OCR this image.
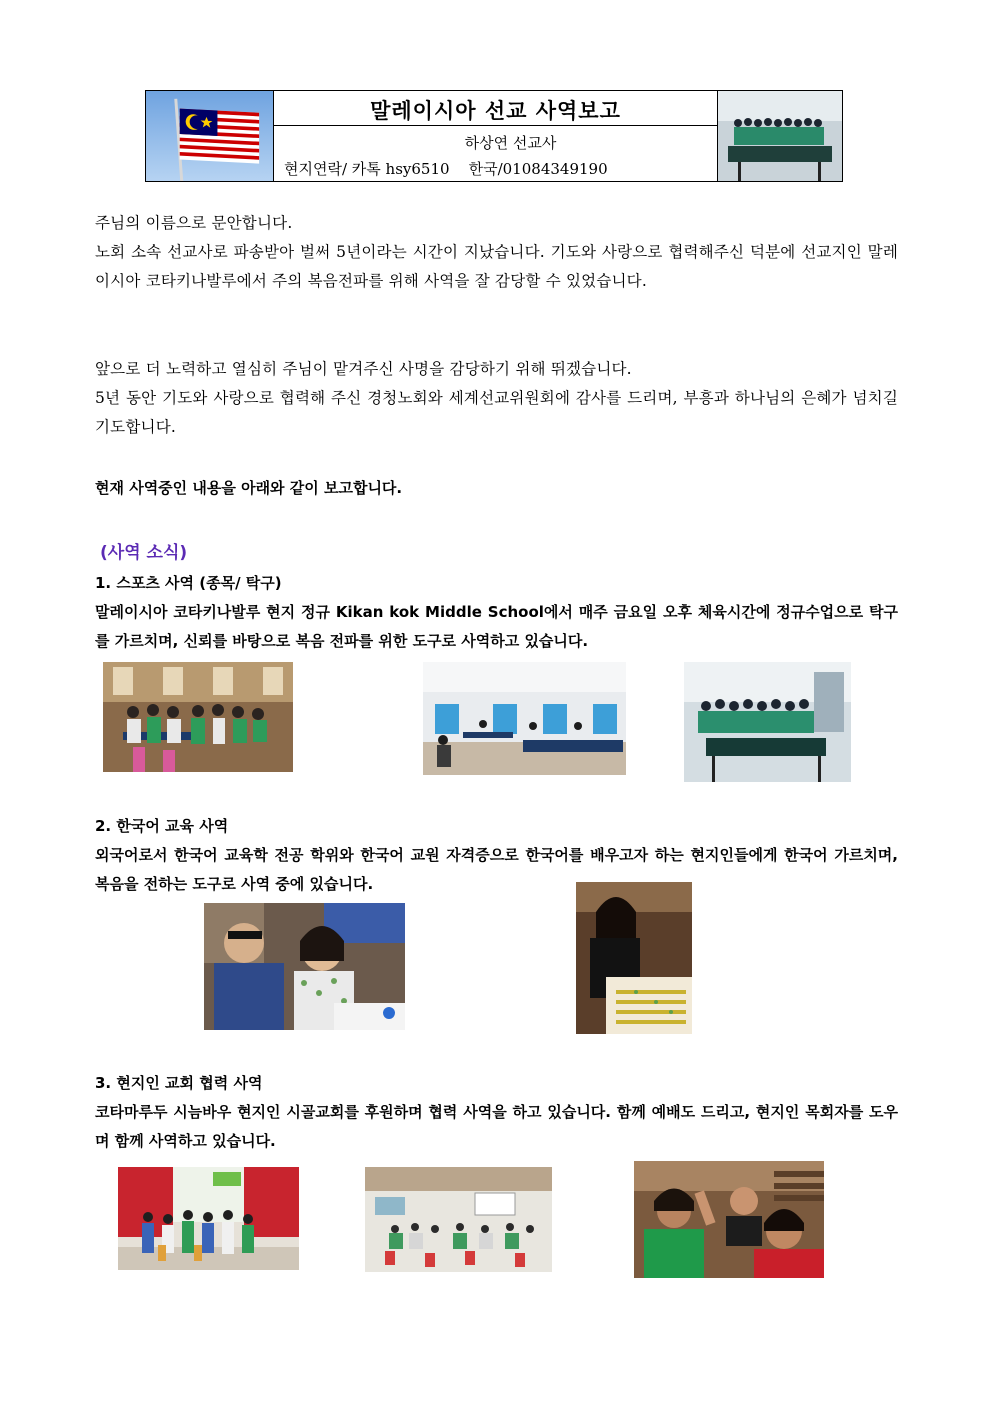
말레이시아 선교 사역보고
하상연 선교사
현지연락/ 카톡 hsy6510    한국/01084349190

주님의 이름으로 문안합니다.

노회 소속 선교사로 파송받아 벌써 5년이라는 시간이 지났습니다. 기도와 사랑으로 협력해주신 덕분에 선교지인 말레이시아 코타키나발루에서 주의 복음전파를 위해 사역을 잘 감당할 수 있었습니다.

앞으로 더 노력하고 열심히 주님이 맡겨주신 사명을 감당하기 위해 뛰겠습니다.

5년 동안 기도와 사랑으로 협력해 주신 경청노회와 세계선교위원회에 감사를 드리며, 부흥과 하나님의 은혜가 넘치길 기도합니다.

현재 사역중인 내용을 아래와 같이 보고합니다.
(사역 소식)
1. 스포츠 사역 (종목/ 탁구)
말레이시아 코타키나발루 현지 정규 Kikan kok Middle School에서 매주 금요일 오후 체육시간에 정규수업으로 탁구를 가르치며, 신뢰를 바탕으로 복음 전파를 위한 도구로 사역하고 있습니다.
2. 한국어 교육 사역
외국어로서 한국어 교육학 전공 학위와 한국어 교원 자격증으로 한국어를 배우고자 하는 현지인들에게 한국어 가르치며, 복음을 전하는 도구로 사역 중에 있습니다.
3. 현지인 교회 협력 사역
코타마루두 시늠바우 현지인 시골교회를 후원하며 협력 사역을 하고 있습니다. 함께 예배도 드리고, 현지인 목회자를 도우며 함께 사역하고 있습니다.
